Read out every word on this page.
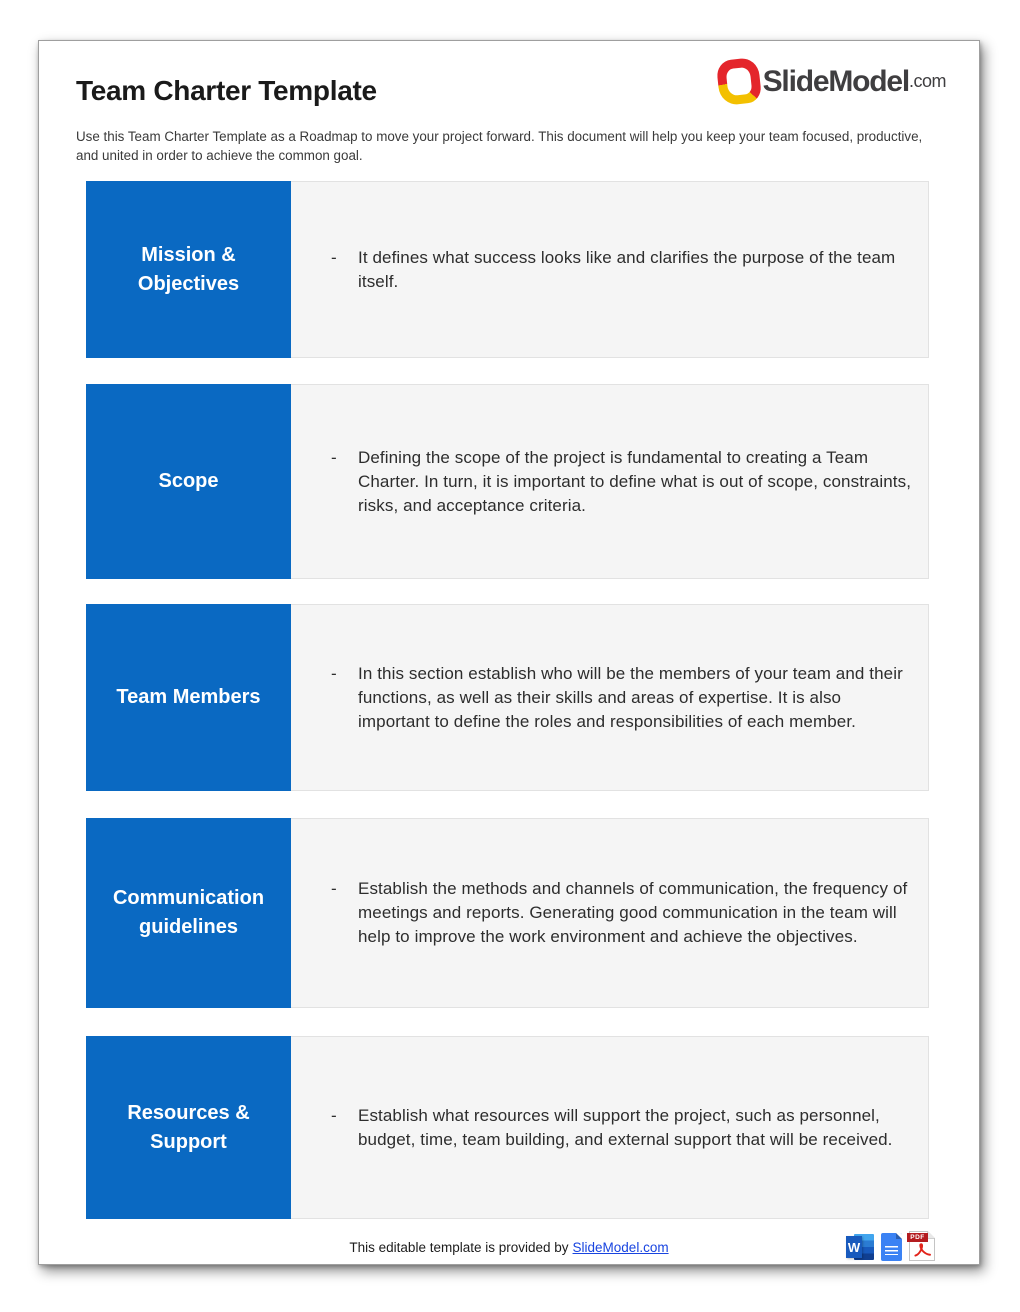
Team Charter Template	SlideModel .com

Use this Team Charter Template as a Roadmap to move your project forward. This document will help you keep your team focused, productive, and united in order to achieve the common goal.

Mission & Objectives
-	It defines what success looks like and clarifies the purpose of the team itself.
Scope
-	Defining the scope of the project is fundamental to creating a Team Charter. In turn, it is important to define what is out of scope, constraints, risks, and acceptance criteria.
Team Members
-	In this section establish who will be the members of your team and their functions, as well as their skills and areas of expertise. It is also important to define the roles and responsibilities of each member.
Communication guidelines
-	Establish the methods and channels of communication, the frequency of meetings and reports. Generating good communication in the team will help to improve the work environment and achieve the objectives.
Resources & Support
-	Establish what resources will support the project, such as personnel, budget, time, team building, and external support that will be received.
This editable template is provided by SlideModel.com	W
PDF
